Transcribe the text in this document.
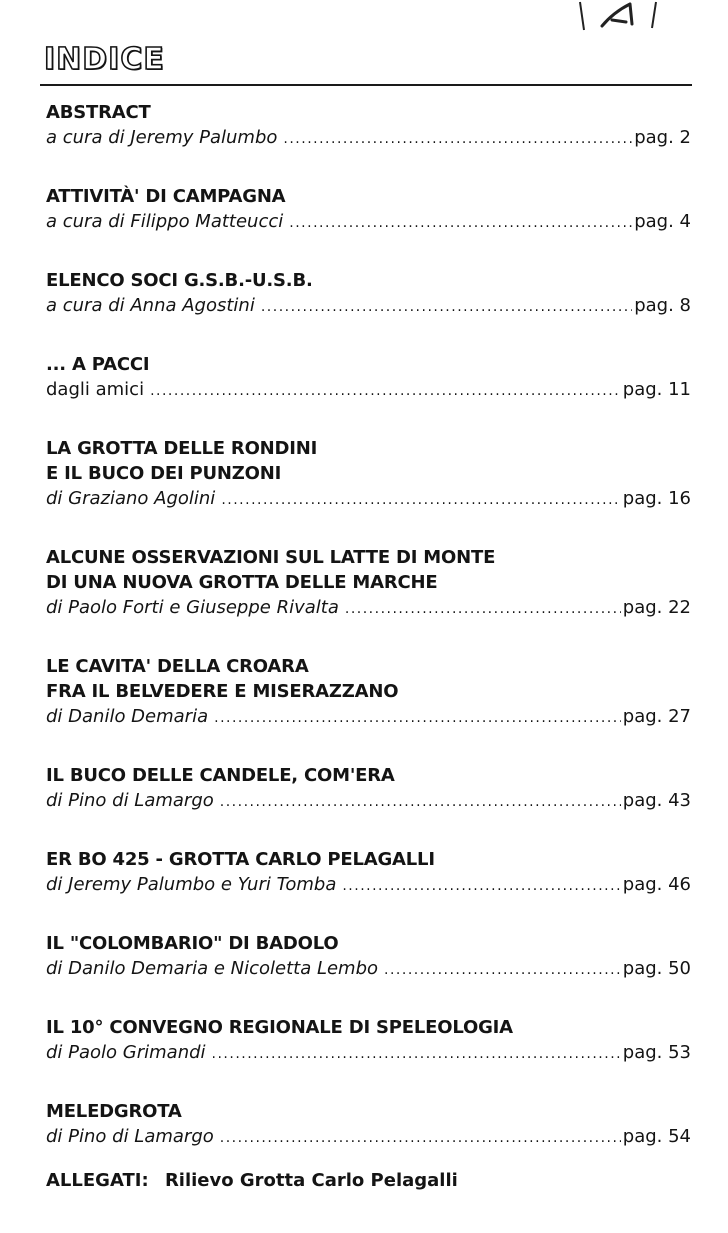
INDICE
ABSTRACT
a cura di Jeremy Palumbo .....	pag. 2
ATTIVITÀ' DI CAMPAGNA
a cura di Filippo Matteucci .....	pag. 4
ELENCO SOCI G.S.B.-U.S.B.
a cura di Anna Agostini .....	pag. 8
... A PACCI
dagli amici .....	pag. 11
LA GROTTA DELLE RONDINI
E IL BUCO DEI PUNZONI
di Graziano Agolini .....	pag. 16
ALCUNE OSSERVAZIONI SUL LATTE DI MONTE
DI UNA NUOVA GROTTA DELLE MARCHE
di Paolo Forti e Giuseppe Rivalta .....	pag. 22
LE CAVITA' DELLA CROARA
FRA IL BELVEDERE E MISERAZZANO
di Danilo Demaria .....	pag. 27
IL BUCO DELLE CANDELE, COM'ERA
di Pino di Lamargo .....	pag. 43
ER BO 425 - GROTTA CARLO PELAGALLI
di Jeremy Palumbo e Yuri Tomba .....	pag. 46
IL "COLOMBARIO" DI BADOLO
di Danilo Demaria e Nicoletta Lembo .....	pag. 50
IL 10° CONVEGNO REGIONALE DI SPELEOLOGIA
di Paolo Grimandi .....	pag. 53
MELEDGROTA
di Pino di Lamargo .....	pag. 54
ALLEGATI: Rilievo Grotta Carlo Pelagalli
